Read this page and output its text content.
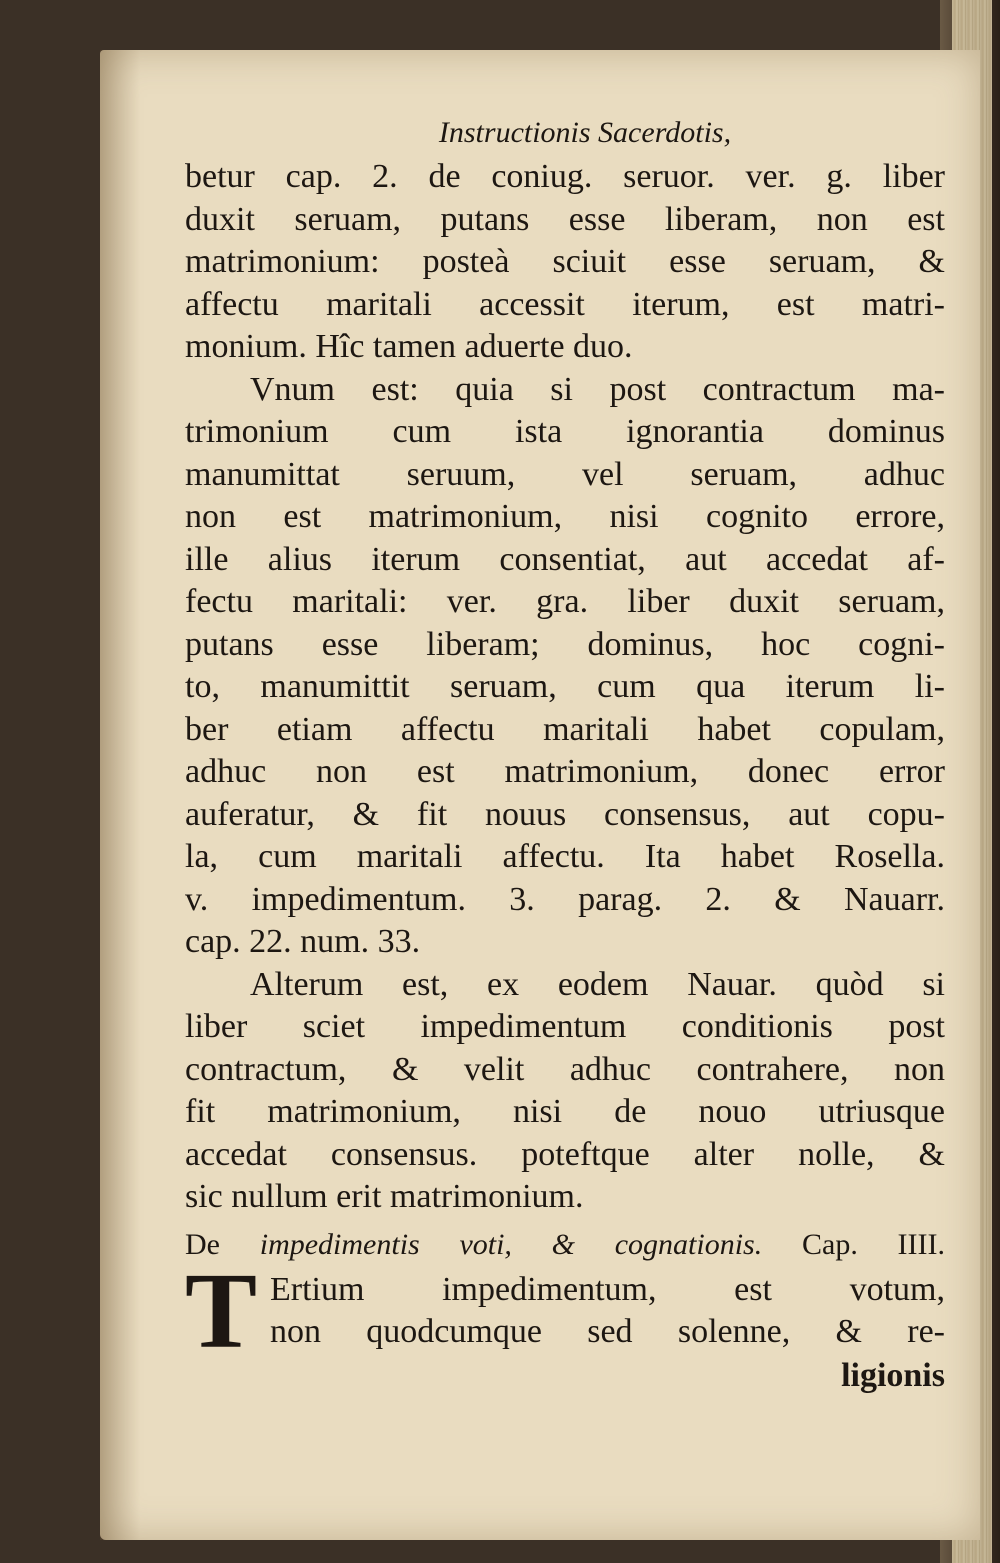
Instructionis Sacerdotis,
betur cap. 2. de coniug. seruor. ver. g. liber
duxit seruam, putans esse liberam, non est
matrimonium: posteà sciuit esse seruam, &
affectu maritali accessit iterum, est matri-
monium. Hîc tamen aduerte duo.
Vnum est: quia si post contractum ma-
trimonium cum ista ignorantia dominus
manumittat seruum, vel seruam, adhuc
non est matrimonium, nisi cognito errore,
ille alius iterum consentiat, aut accedat af-
fectu maritali: ver. gra. liber duxit seruam,
putans esse liberam; dominus, hoc cogni-
to, manumittit seruam, cum qua iterum li-
ber etiam affectu maritali habet copulam,
adhuc non est matrimonium, donec error
auferatur, & fit nouus consensus, aut copu-
la, cum maritali affectu. Ita habet Rosella.
v. impedimentum. 3. parag. 2. & Nauarr.
cap. 22. num. 33.
Alterum est, ex eodem Nauar. quòd si
liber sciet impedimentum conditionis post
contractum, & velit adhuc contrahere, non
fit matrimonium, nisi de nouo utriusque
accedat consensus. poteftque alter nolle, &
sic nullum erit matrimonium.
De impedimentis voti, & cognationis. Cap. IIII.
T Ertium impedimentum, est votum,
non quodcumque sed solenne, & re-
ligionis
